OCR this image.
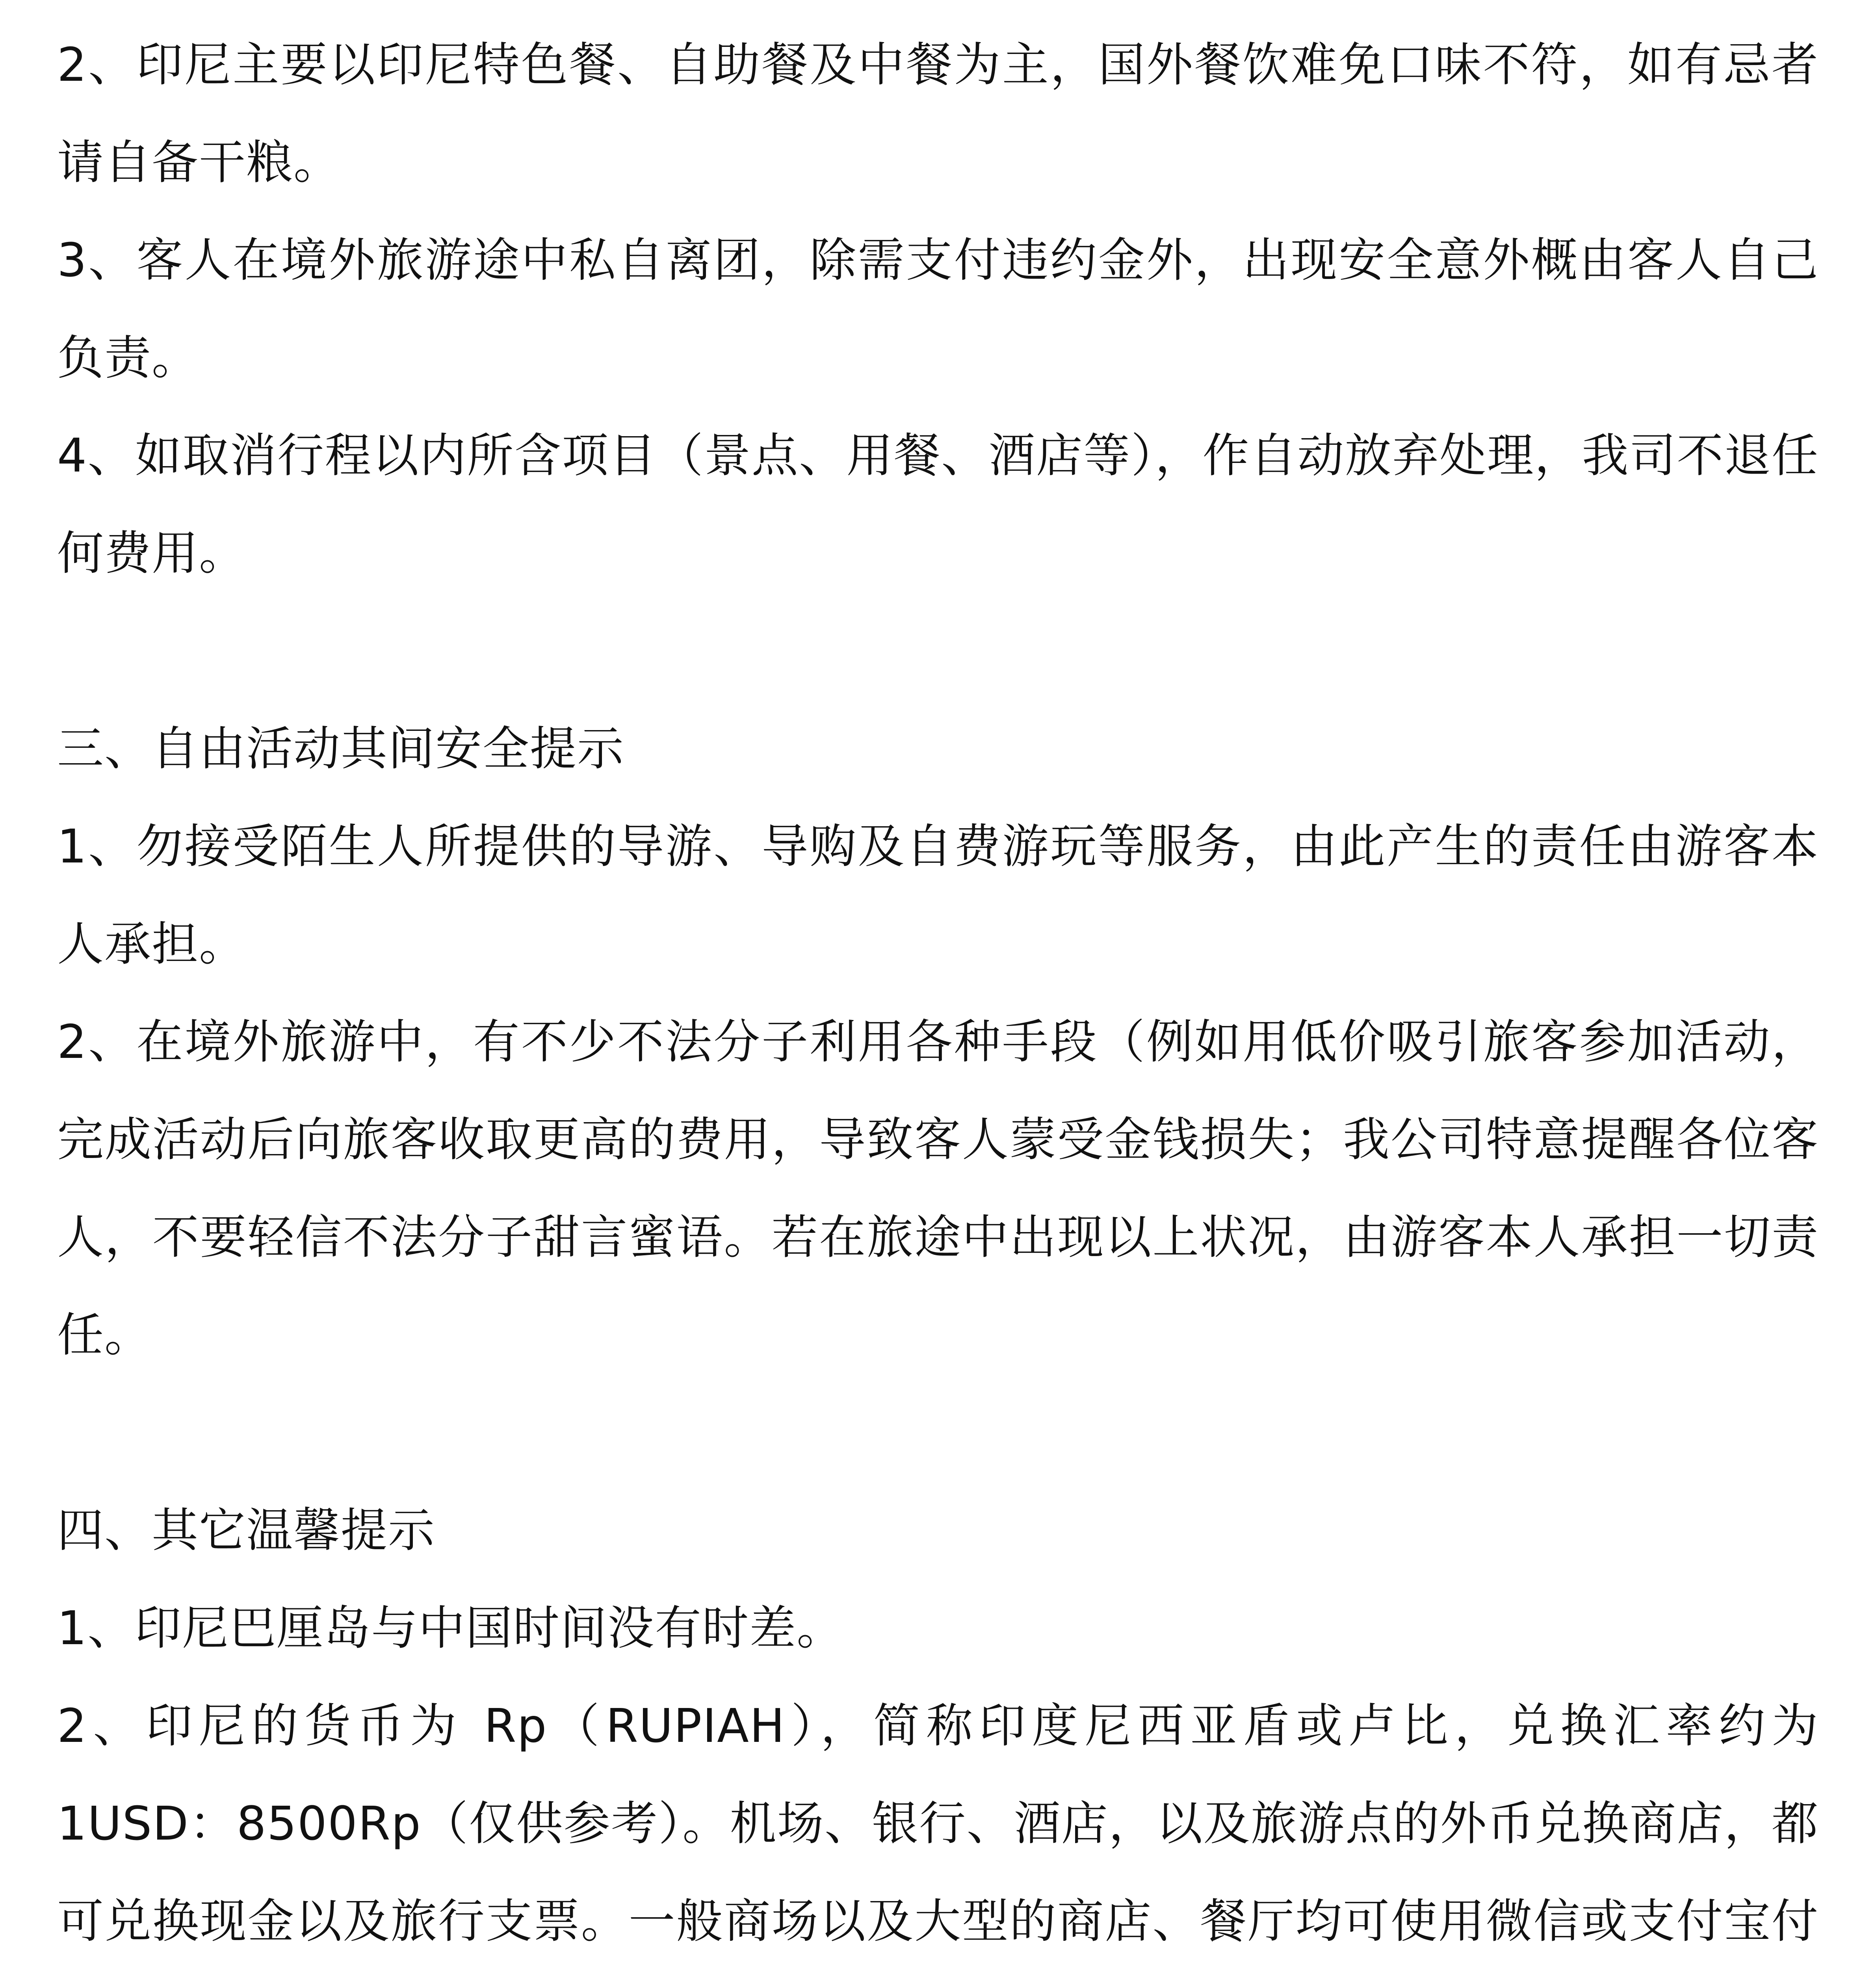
2、印尼主要以印尼特色餐、自助餐及中餐为主，国外餐饮难免口味不符，如有忌者请自备干粮。

3、客人在境外旅游途中私自离团，除需支付违约金外，出现安全意外概由客人自己负责。

4、如取消行程以内所含项目（景点、用餐、酒店等），作自动放弃处理，我司不退任何费用。

三、自由活动其间安全提示

1、勿接受陌生人所提供的导游、导购及自费游玩等服务，由此产生的责任由游客本人承担。

2、在境外旅游中，有不少不法分子利用各种手段（例如用低价吸引旅客参加活动，完成活动后向旅客收取更高的费用，导致客人蒙受金钱损失；我公司特意提醒各位客人，不要轻信不法分子甜言蜜语。若在旅途中出现以上状况，由游客本人承担一切责任。

四、其它温馨提示

1、印尼巴厘岛与中国时间没有时差。

2、印尼的货币为 Rp（RUPIAH），简称印度尼西亚盾或卢比，兑换汇率约为 1USD：8500Rp（仅供参考）。机场、银行、酒店，以及旅游点的外币兑换商店，都可兑换现金以及旅行支票。一般商场以及大型的商店、餐厅均可使用微信或支付宝付
